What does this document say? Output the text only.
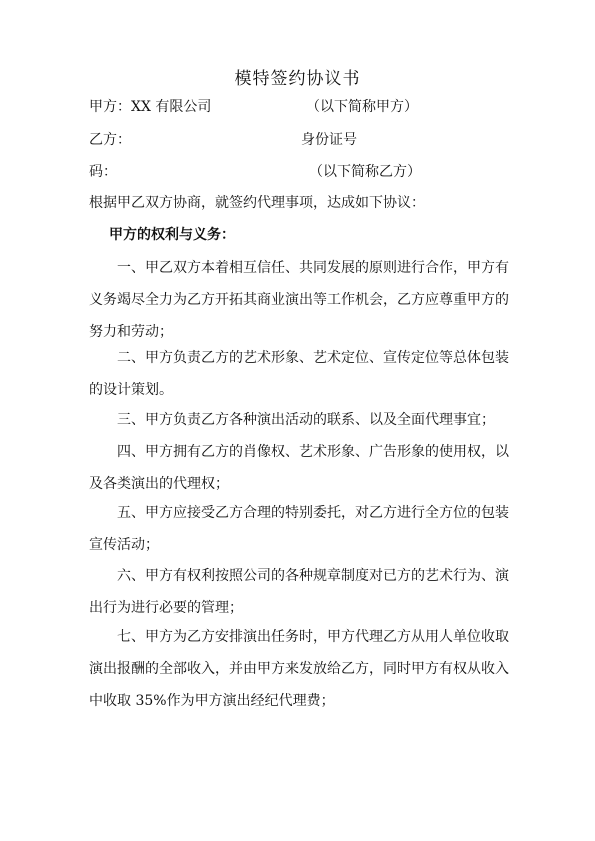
模特签约协议书
甲方：XX 有限公司	（以下简称甲方）
乙方：	身份证号
码：	（以下简称乙方）
根据甲乙双方协商，就签约代理事项，达成如下协议：
甲方的权利与义务：
一、甲乙双方本着相互信任、共同发展的原则进行合作，甲方有义务竭尽全力为乙方开拓其商业演出等工作机会，乙方应尊重甲方的努力和劳动；
二、甲方负责乙方的艺术形象、艺术定位、宣传定位等总体包装的设计策划。
三、甲方负责乙方各种演出活动的联系、以及全面代理事宜；
四、甲方拥有乙方的肖像权、艺术形象、广告形象的使用权，以及各类演出的代理权；
五、甲方应接受乙方合理的特别委托，对乙方进行全方位的包装宣传活动；
六、甲方有权利按照公司的各种规章制度对已方的艺术行为、演出行为进行必要的管理；
七、甲方为乙方安排演出任务时，甲方代理乙方从用人单位收取演出报酬的全部收入，并由甲方来发放给乙方，同时甲方有权从收入中收取 35%作为甲方演出经纪代理费；
